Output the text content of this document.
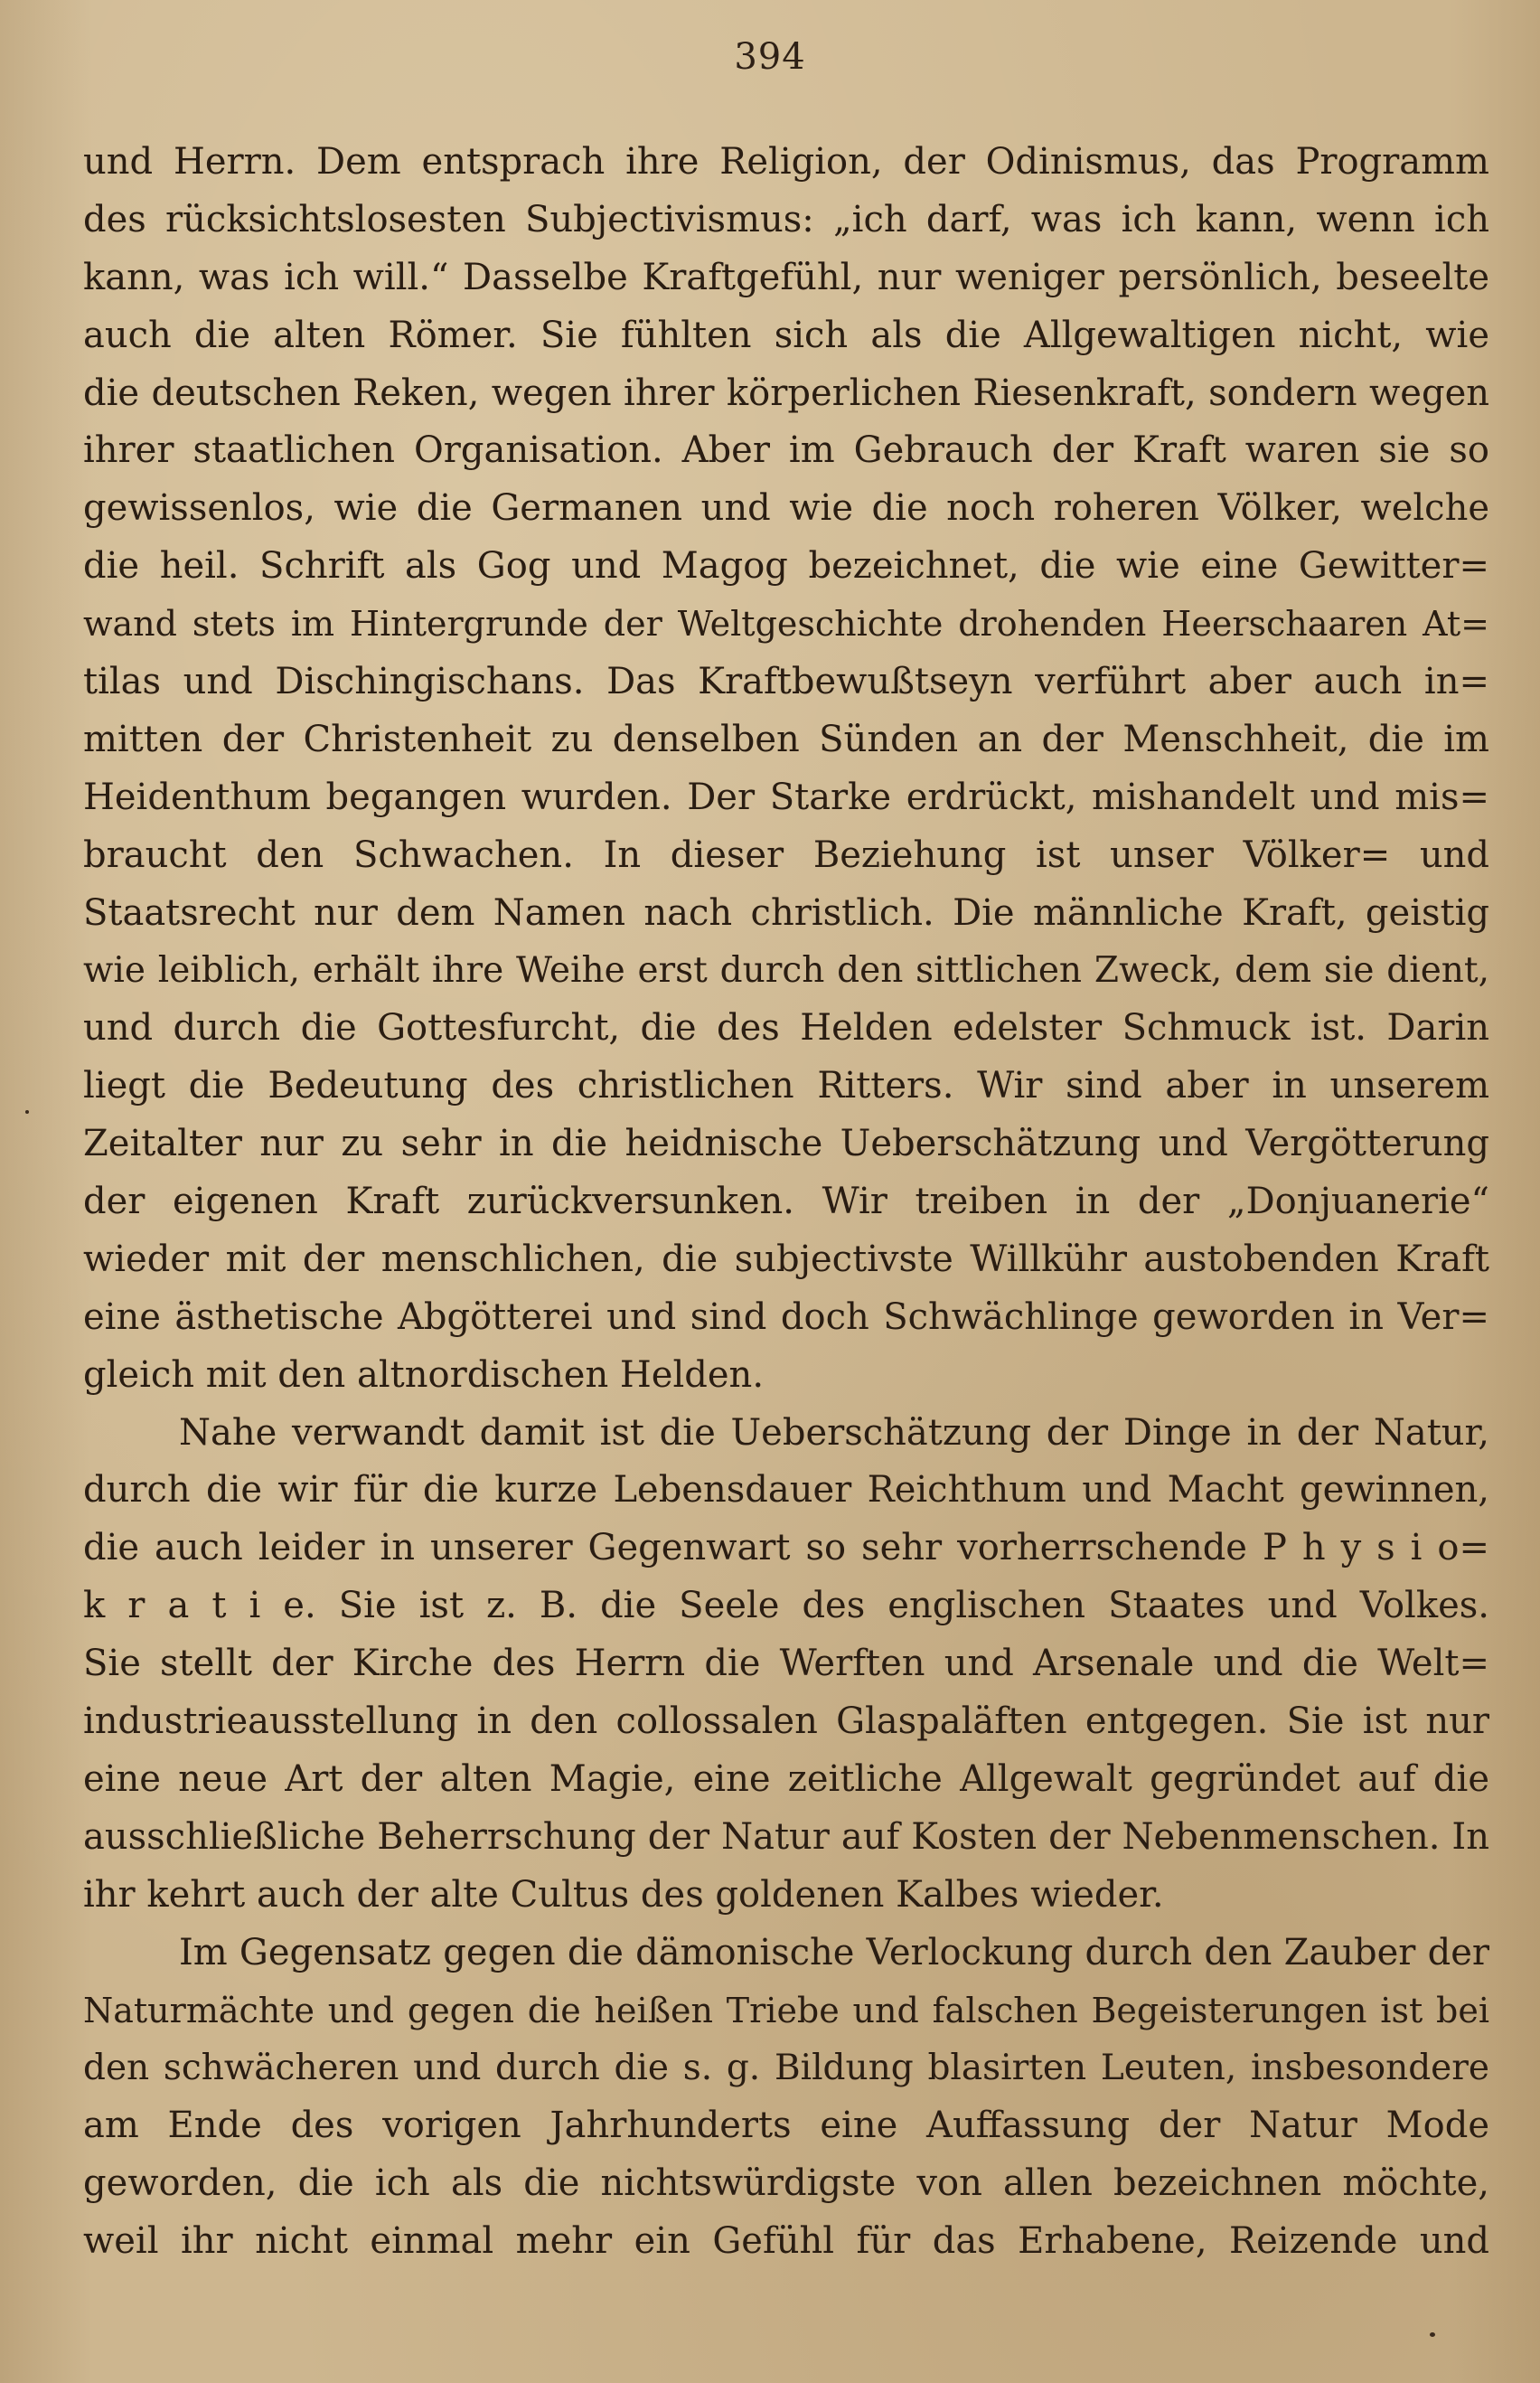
394
und Herrn. Dem entsprach ihre Religion, der Odinismus, das Programm
des rücksichtslosesten Subjectivismus: „ich darf, was ich kann, wenn ich
kann, was ich will.“ Dasselbe Kraftgefühl, nur weniger persönlich, beseelte
auch die alten Römer. Sie fühlten sich als die Allgewaltigen nicht, wie
die deutschen Reken, wegen ihrer körperlichen Riesenkraft, sondern wegen
ihrer staatlichen Organisation. Aber im Gebrauch der Kraft waren sie so
gewissenlos, wie die Germanen und wie die noch roheren Völker, welche
die heil. Schrift als Gog und Magog bezeichnet, die wie eine Gewitter=
wand stets im Hintergrunde der Weltgeschichte drohenden Heerschaaren At=
tilas und Dischingischans. Das Kraftbewußtseyn verführt aber auch in=
mitten der Christenheit zu denselben Sünden an der Menschheit, die im
Heidenthum begangen wurden. Der Starke erdrückt, mishandelt und mis=
braucht den Schwachen. In dieser Beziehung ist unser Völker= und
Staatsrecht nur dem Namen nach christlich. Die männliche Kraft, geistig
wie leiblich, erhält ihre Weihe erst durch den sittlichen Zweck, dem sie dient,
und durch die Gottesfurcht, die des Helden edelster Schmuck ist. Darin
liegt die Bedeutung des christlichen Ritters. Wir sind aber in unserem
Zeitalter nur zu sehr in die heidnische Ueberschätzung und Vergötterung
der eigenen Kraft zurückversunken. Wir treiben in der „Donjuanerie“
wieder mit der menschlichen, die subjectivste Willkühr austobenden Kraft
eine ästhetische Abgötterei und sind doch Schwächlinge geworden in Ver=
gleich mit den altnordischen Helden.
Nahe verwandt damit ist die Ueberschätzung der Dinge in der Natur,
durch die wir für die kurze Lebensdauer Reichthum und Macht gewinnen,
die auch leider in unserer Gegenwart so sehr vorherrschende P h y s i o=
k r a t i e. Sie ist z. B. die Seele des englischen Staates und Volkes.
Sie stellt der Kirche des Herrn die Werften und Arsenale und die Welt=
industrieausstellung in den collossalen Glaspaläften entgegen. Sie ist nur
eine neue Art der alten Magie, eine zeitliche Allgewalt gegründet auf die
ausschließliche Beherrschung der Natur auf Kosten der Nebenmenschen. In
ihr kehrt auch der alte Cultus des goldenen Kalbes wieder.
Im Gegensatz gegen die dämonische Verlockung durch den Zauber der
Naturmächte und gegen die heißen Triebe und falschen Begeisterungen ist bei
den schwächeren und durch die s. g. Bildung blasirten Leuten, insbesondere
am Ende des vorigen Jahrhunderts eine Auffassung der Natur Mode
geworden, die ich als die nichtswürdigste von allen bezeichnen möchte,
weil ihr nicht einmal mehr ein Gefühl für das Erhabene, Reizende und
